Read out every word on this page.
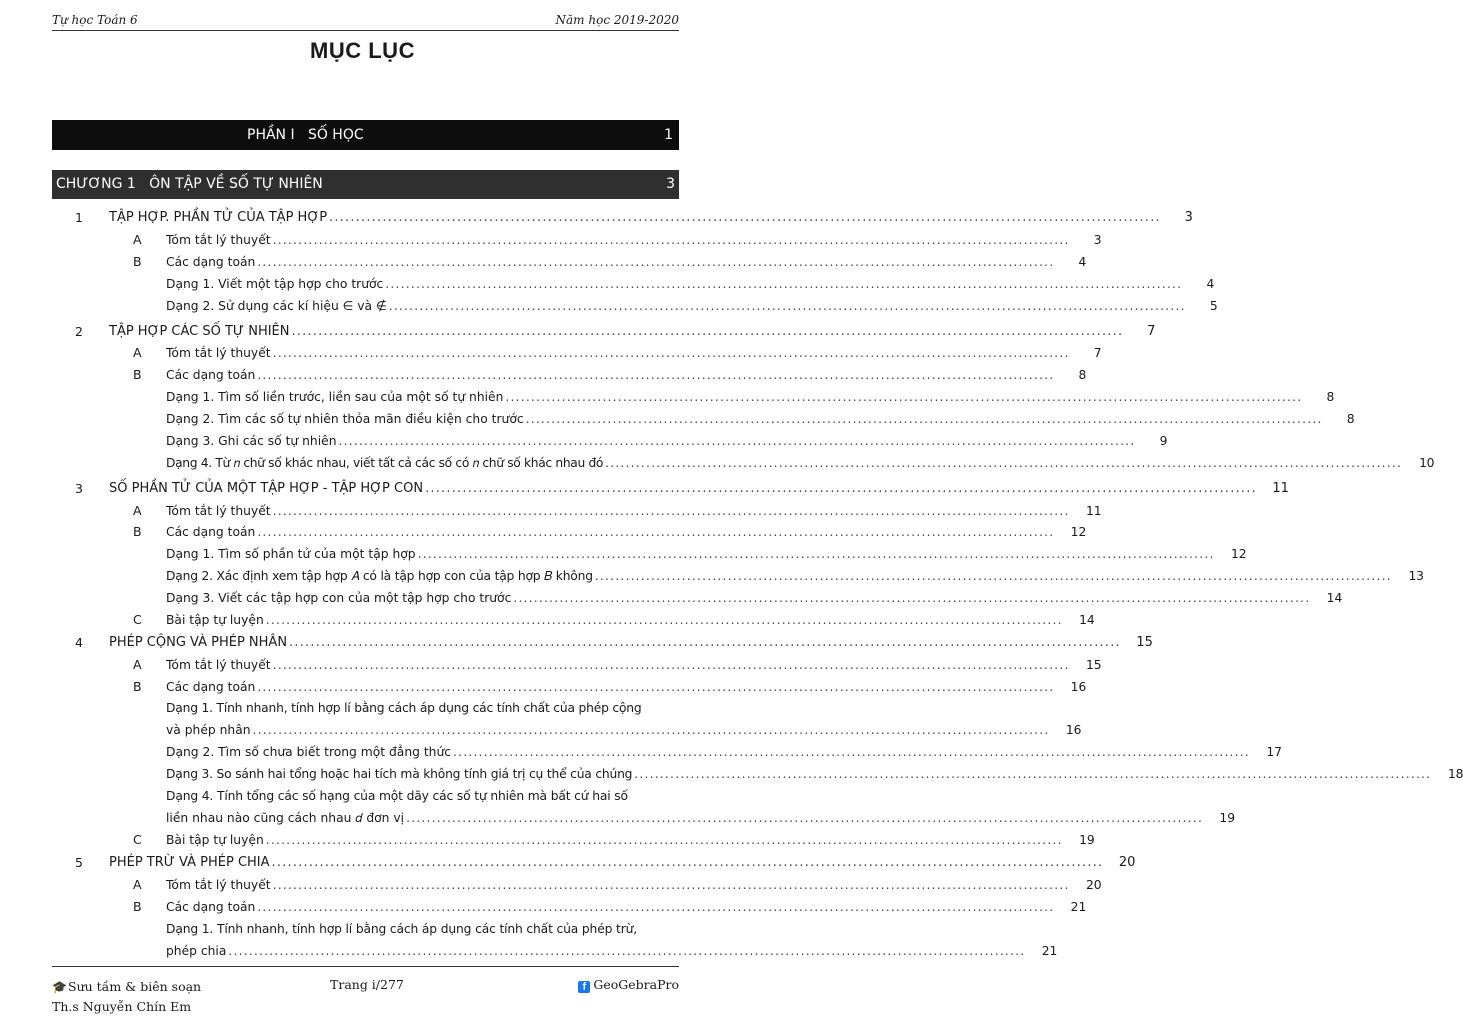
Tự học Toán 6	Năm học 2019-2020
MỤC LỤC
PHẦN I   SỐ HỌC	1
CHƯƠNG 1   ÔN TẬP VỀ SỐ TỰ NHIÊN	3
1 TẬP HỢP. PHẦN TỬ CỦA TẬP HỢP ............................................................................................................................................................	3
A Tóm tắt lý thuyết ............................................................................................................................................................	3
B Các dạng toán ............................................................................................................................................................	4
Dạng 1. Viết một tập hợp cho trước ............................................................................................................................................................	4
Dạng 2. Sử dụng các kí hiệu ∈ và ∉ ............................................................................................................................................................	5
2 TẬP HỢP CÁC SỐ TỰ NHIÊN ............................................................................................................................................................	7
A Tóm tắt lý thuyết ............................................................................................................................................................	7
B Các dạng toán ............................................................................................................................................................	8
Dạng 1. Tìm số liền trước, liền sau của một số tự nhiên ............................................................................................................................................................	8
Dạng 2. Tìm các số tự nhiên thỏa mãn điều kiện cho trước ............................................................................................................................................................	8
Dạng 3. Ghi các số tự nhiên ............................................................................................................................................................	9
Dạng 4. Từ 𝑛 chữ số khác nhau, viết tất cả các số có 𝑛 chữ số khác nhau đó ............................................................................................................................................................	10
3 SỐ PHẦN TỬ CỦA MỘT TẬP HỢP - TẬP HỢP CON ............................................................................................................................................................	11
A Tóm tắt lý thuyết ............................................................................................................................................................	11
B Các dạng toán ............................................................................................................................................................	12
Dạng 1. Tìm số phần tử của một tập hợp ............................................................................................................................................................	12
Dạng 2. Xác định xem tập hợp 𝐴 có là tập hợp con của tập hợp 𝐵 không ............................................................................................................................................................	13
Dạng 3. Viết các tập hợp con của một tập hợp cho trước ............................................................................................................................................................	14
C Bài tập tự luyện ............................................................................................................................................................	14
4 PHÉP CỘNG VÀ PHÉP NHÂN ............................................................................................................................................................	15
A Tóm tắt lý thuyết ............................................................................................................................................................	15
B Các dạng toán ............................................................................................................................................................	16
Dạng 1. Tính nhanh, tính hợp lí bằng cách áp dụng các tính chất của phép cộng
và phép nhân ............................................................................................................................................................	16
Dạng 2. Tìm số chưa biết trong một đẳng thức ............................................................................................................................................................	17
Dạng 3. So sánh hai tổng hoặc hai tích mà không tính giá trị cụ thể của chúng ............................................................................................................................................................	18
Dạng 4. Tính tổng các số hạng của một dãy các số tự nhiên mà bất cứ hai số
liền nhau nào cũng cách nhau 𝑑 đơn vị ............................................................................................................................................................	19
C Bài tập tự luyện ............................................................................................................................................................	19
5 PHÉP TRỪ VÀ PHÉP CHIA ............................................................................................................................................................	20
A Tóm tắt lý thuyết ............................................................................................................................................................	20
B Các dạng toán ............................................................................................................................................................	21
Dạng 1. Tính nhanh, tính hợp lí bằng cách áp dụng các tính chất của phép trừ,
phép chia ............................................................................................................................................................	21
🎓Sưu tầm & biên soạn
Th.s Nguyễn Chín Em
Trang i/277	f GeoGebraPro
